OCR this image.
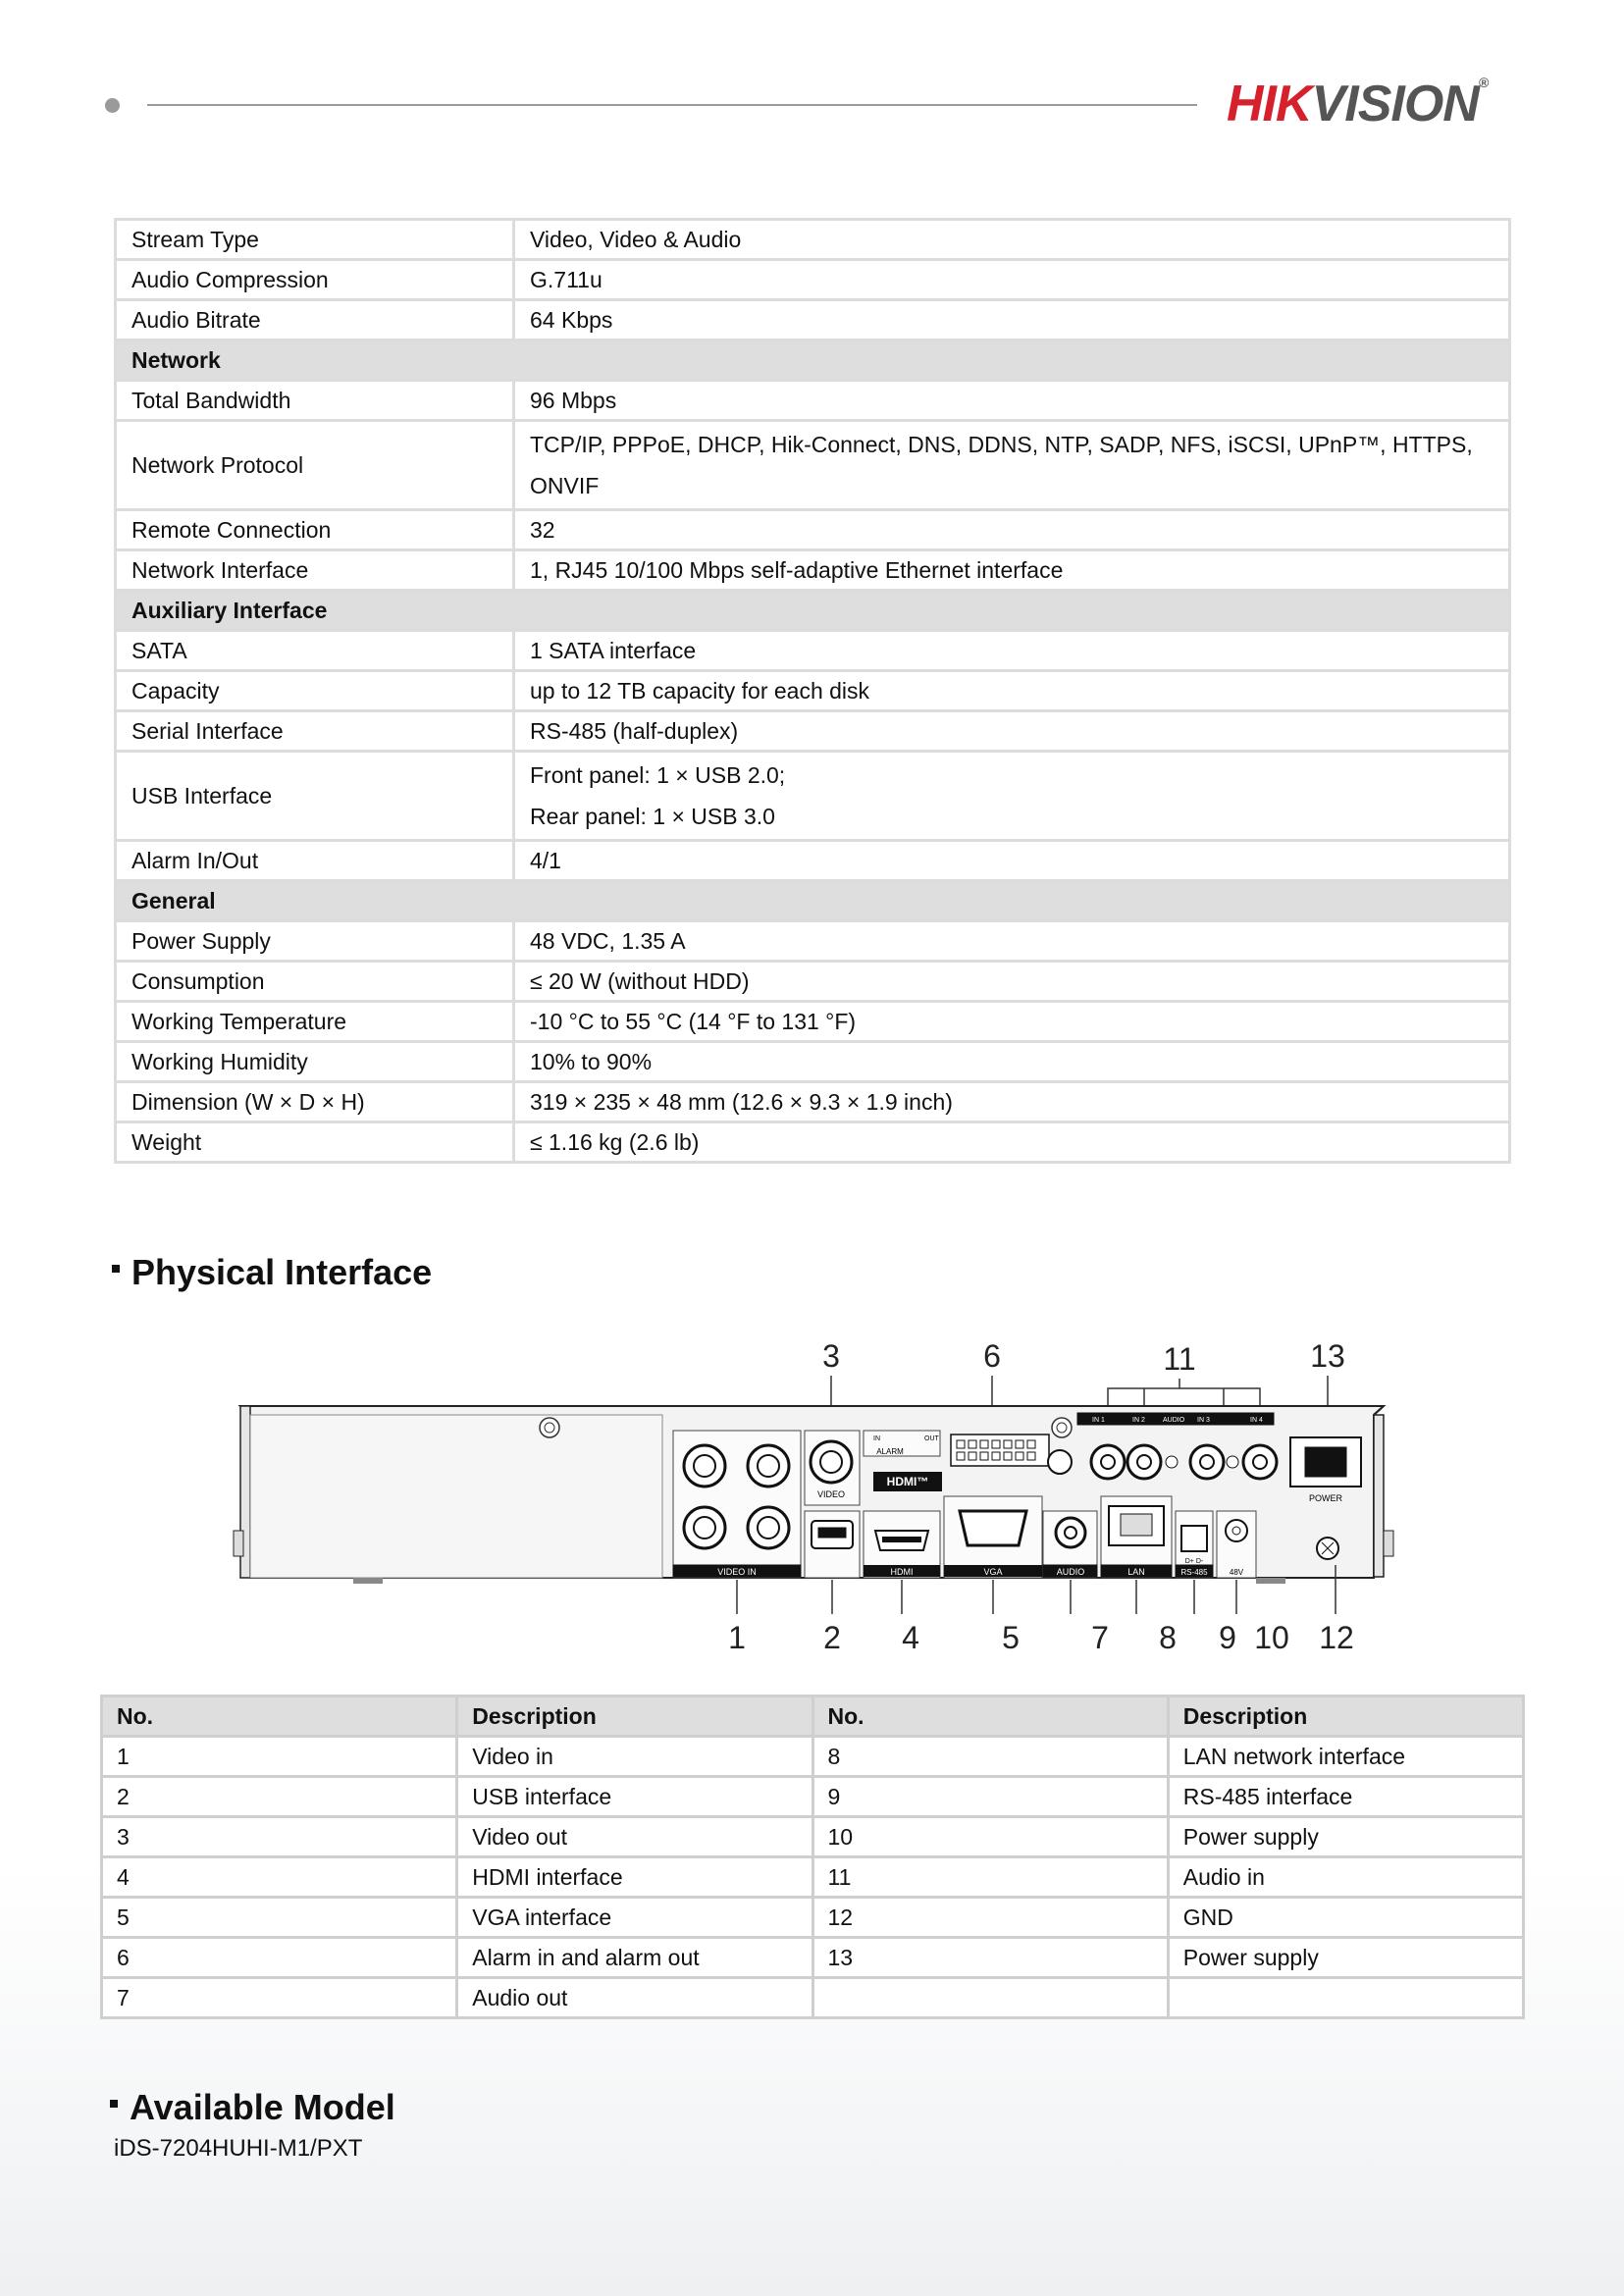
HIKVISION®
Stream Type	Video, Video & Audio
Audio Compression	G.711u
Audio Bitrate	64 Kbps
Network	
Total Bandwidth	96 Mbps
Network Protocol	TCP/IP, PPPoE, DHCP, Hik-Connect, DNS, DDNS, NTP, SADP, NFS, iSCSI, UPnP™, HTTPS,
ONVIF

Remote Connection	32
Network Interface	1, RJ45 10/100 Mbps self-adaptive Ethernet interface
Auxiliary Interface	
SATA	1 SATA interface
Capacity	up to 12 TB capacity for each disk
Serial Interface	RS-485 (half-duplex)
USB Interface	Front panel: 1 × USB 2.0;
Rear panel: 1 × USB 3.0

Alarm In/Out	4/1
General	
Power Supply	48 VDC, 1.35 A
Consumption	≤ 20 W (without HDD)
Working Temperature	-10 °C to 55 °C (14 °F to 131 °F)
Working Humidity	10% to 90%
Dimension (W × D × H)	319 × 235 × 48 mm (12.6 × 9.3 × 1.9 inch)
Weight	≤ 1.16 kg (2.6 lb)
Physical Interface
3	6	11	13
VIDEO IN
VIDEO
ALARM
IN	OUT
HDMI™
HDMI	VGA
IN 1	IN 2	AUDIO IN 3	IN 4
AUDIO	LAN
D+ D-
RS-485	48V
POWER
1 2 4	5 7 8 9 10 12
No.	Description	No.	Description
1	Video in	8	LAN network interface
2	USB interface	9	RS-485 interface
3	Video out	10	Power supply
4	HDMI interface	11	Audio in
5	VGA interface	12	GND
6	Alarm in and alarm out	13	Power supply
7	Audio out		
Available Model
iDS-7204HUHI-M1/PXT
